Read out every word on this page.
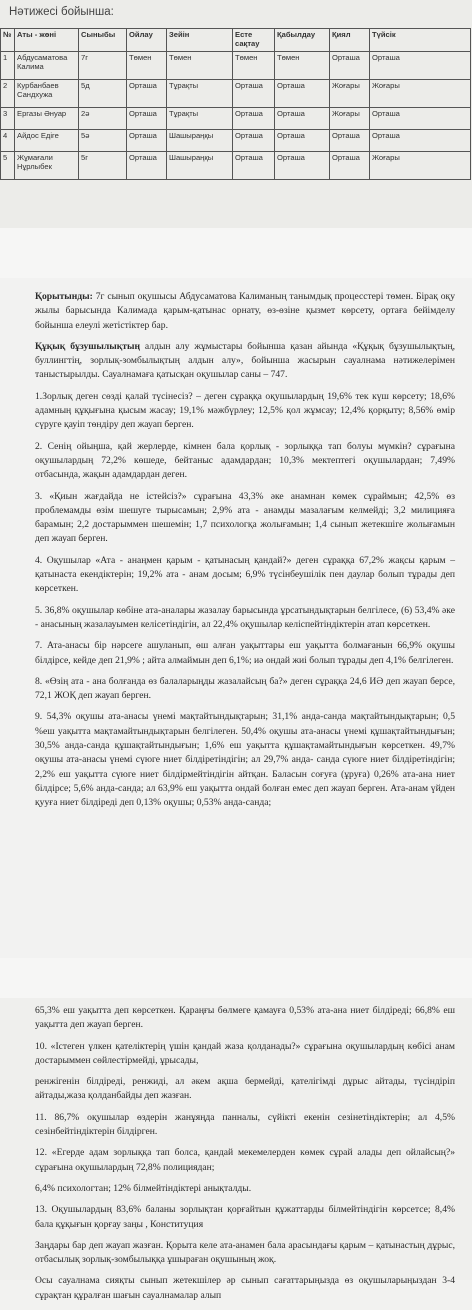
Нәтижесі бойынша:
№	Аты - жөні	Сыныбы	Ойлау	Зейін	Есте сақтау	Қабылдау	Қиял	Түйсік
1	Абдусаматова Калима	7г	Төмен	Төмен	Төмен	Төмен	Орташа	Орташа
2	Курбанбаев Сандхужа	5д	Орташа	Тұрақты	Орташа	Орташа	Жоғары	Жоғары
3	Ергазы Әнуар	2ә	Орташа	Тұрақты	Орташа	Орташа	Жоғары	Орташа
4	Айдос Едіге	5ә	Орташа	Шашыраңқы	Орташа	Орташа	Орташа	Орташа
5	Жұмағали Нұрлыбек	5г	Орташа	Шашыраңқы	Орташа	Орташа	Орташа	Жоғары

Қорытынды: 7г сынып оқушысы Абдусаматова Калиманың танымдық процесстері төмен. Бірақ оқу жылы барысында Калимада қарым-қатынас орнату, өз-өзіне қызмет көрсету, ортаға бейімделу бойынша елеулі жетістіктер бар.

Құқық бұзушылықтың алдын алу жұмыстары бойынша қазан айында «Құқық бұзушылықтың, буллингтің, зорлық-зомбылықтың алдын алу», бойынша жасырын сауалнама нәтижелерімен таныстырылды. Сауалнамаға қатысқан оқушылар саны – 747.

1.Зорлық деген сөзді қалай түсінесіз? – деген сұраққа оқушылардың 19,6% тек күш көрсету; 18,6% адамның құқығына қысым жасау; 19,1% мәжбүрлеу; 12,5% қол жұмсау; 12,4% қорқыту; 8,56% өмір сүруге қауіп төндіру деп жауап берген.

2. Сенің ойыңша, қай жерлерде, кімнен бала қорлық - зорлыққа тап болуы мүмкін? сұрағына оқушылардың 72,2% көшеде, бейтаныс адамдардан; 10,3% мектептегі оқушылардан; 7,49% отбасында, жақын адамдардан деген.

3. «Қиын жағдайда не істейсіз?» сұрағына 43,3% әке анамнан көмек сұраймын; 42,5% өз проблемамды өзім шешуге тырысамын; 2,9% ата - анамды мазалағым келмейді; 3,2 милицияға барамын; 2,2 достарыммен шешемін; 1,7 психологқа жолығамын; 1,4 сынып жетекшіге жолығамын деп жауап берген.

4. Оқушылар «Ата - анаңмен қарым - қатынасың қандай?» деген сұраққа 67,2% жақсы қарым – қатынаста екендіктерін; 19,2% ата - анам досым; 6,9% түсінбеушілік пен даулар болып тұрады деп көрсеткен.

5. 36,8% оқушылар көбіне ата-аналары жазалау барысында ұрсатындықтарын белгілесе, (6) 53,4% әке - анасының жазалауымен келісетіндігін, ал 22,4% оқушылар келіспейтіндіктерін атап көрсеткен.

7. Ата-анасы бір нәрсеге ашуланып, өш алған уақыттары еш уақытта болмағанын 66,9% оқушы білдірсе, кейде деп 21,9% ; айта алмаймын деп 6,1%; иә ондай жиі болып тұрады деп 4,1% белгілеген.

8. «Өзің ата - ана болғанда өз балаларыңды жазалайсың ба?» деген сұраққа 24,6 ИӘ деп жауап берсе, 72,1 ЖОҚ деп жауап берген.

9. 54,3% оқушы ата-анасы үнемі мақтайтындықтарын; 31,1% анда-санда мақтайтындықтарын; 0,5 %еш уақытта мақтамайтындықтарын белгілеген. 50,4% оқушы ата-анасы үнемі құшақтайтындығын; 30,5% анда-санда құшақтайтындығын; 1,6% еш уақытта құшақтамайтындығын көрсеткен. 49,7% оқушы ата-анасы үнемі сүюге ниет білдіретіндігін; ал 29,7% анда- санда сүюге ниет білдіретіндігін; 2,2% еш уақытта сүюге ниет білдірмейтіндігін айтқан. Баласын соғуға (ұруға) 0,26% ата-ана ниет білдірсе; 5,6% анда-санда; ал 63,9% еш уақытта ондай болған емес деп жауап берген. Ата-анам үйден қууға ниет білдіреді деп 0,13% оқушы; 0,53% анда-санда;

65,3% еш уақытта деп көрсеткен. Қараңғы бөлмеге қамауға 0,53% ата-ана ниет білдіреді; 66,8% еш уақытта деп жауап берген.

10. «Істеген үлкен қателіктерің үшін қандай жаза қолданады?» сұрағына оқушылардың көбісі анам достарыммен сөйлестірмейді, ұрысады,

ренжігенін білдіреді, ренжиді, ал әкем ақша бермейді, қателігімді дұрыс айтады, түсіндіріп айтады,жаза қолданбайды деп жазған.

11. 86,7% оқушылар өздерін жанұяңда панналы, сүйікті екенін сезінетіндіктерін; ал 4,5% сезінбейтіндіктерін білдірген.

12. «Егерде адам зорлыққа тап болса, қандай мекемелерден көмек сұрай алады деп ойлайсың?» сұрағына оқушылардың 72,8% полициядан;

6,4% психологтан; 12% білмейтіндіктері анықталды.

13. Оқушылардың 83,6% баланы зорлықтан қорғайтын құжаттарды білмейтіндігін көрсетсе; 8,4% бала құқығын қорғау заңы , Конституция

Заңдары бар деп жауап жазған. Қорыта келе ата-анамен бала арасындағы қарым – қатынастың дұрыс, отбасылық зорлық-зомбылыққа ұшыраған оқушының жоқ.

Осы сауалнама сияқты сынып жетекшілер әр сынып сағаттарыңызда өз оқушыларыңыздан 3-4 сұрақтан құралған шағын сауалнамалар алып
